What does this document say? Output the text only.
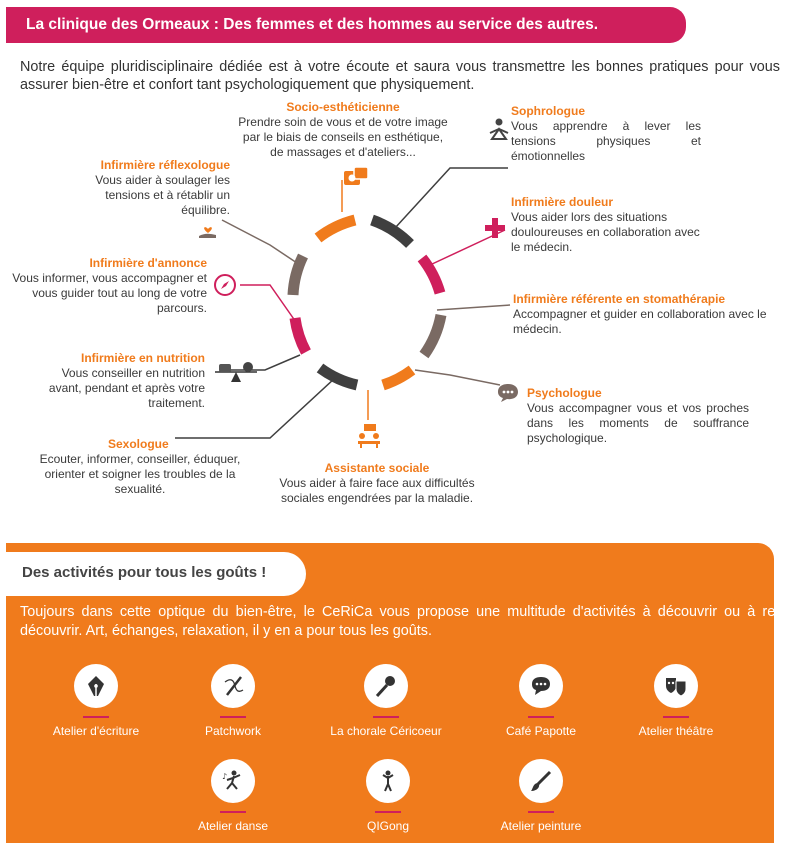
La clinique des Ormeaux : Des femmes et des hommes au service des autres.
Notre équipe pluridisciplinaire dédiée est à votre écoute et saura vous transmettre les bonnes pratiques pour vous assurer bien-être et confort tant psychologiquement que physiquement.
Socio-esthéticienne
Prendre soin de vous et de votre image par le biais de conseils en esthétique, de massages et d'ateliers...
Sophrologue
Vous apprendre à lever les tensions physiques et émotionnelles
Infirmière réflexologue
Vous aider à soulager les tensions et à rétablir un équilibre.
Infirmière douleur
Vous aider lors des situations douloureuses en collaboration avec le médecin.
Infirmière d'annonce
Vous informer, vous accompagner et vous guider tout au long de votre parcours.
Infirmière référente en stomathérapie
Accompagner et guider en collaboration avec le médecin.
Infirmière en nutrition
Vous conseiller en nutrition avant, pendant et après votre traitement.
Psychologue
Vous accompagner vous et vos proches dans les moments de souffrance psychologique.
Sexologue
Ecouter, informer, conseiller, éduquer, orienter et soigner les troubles de la sexualité.
Assistante sociale
Vous aider à faire face aux difficultés sociales engendrées par la maladie.
Des activités pour tous les goûts !
Toujours dans cette optique du bien-être, le CeRiCa vous propose une multitude d'activités à découvrir ou à re-découvrir. Art, échanges, relaxation, il y en a pour tous les goûts.
Atelier d'écriture	Patchwork	La chorale Céricoeur	Café Papotte	Atelier théâtre
♪
Atelier danse	QIGong	Atelier peinture
